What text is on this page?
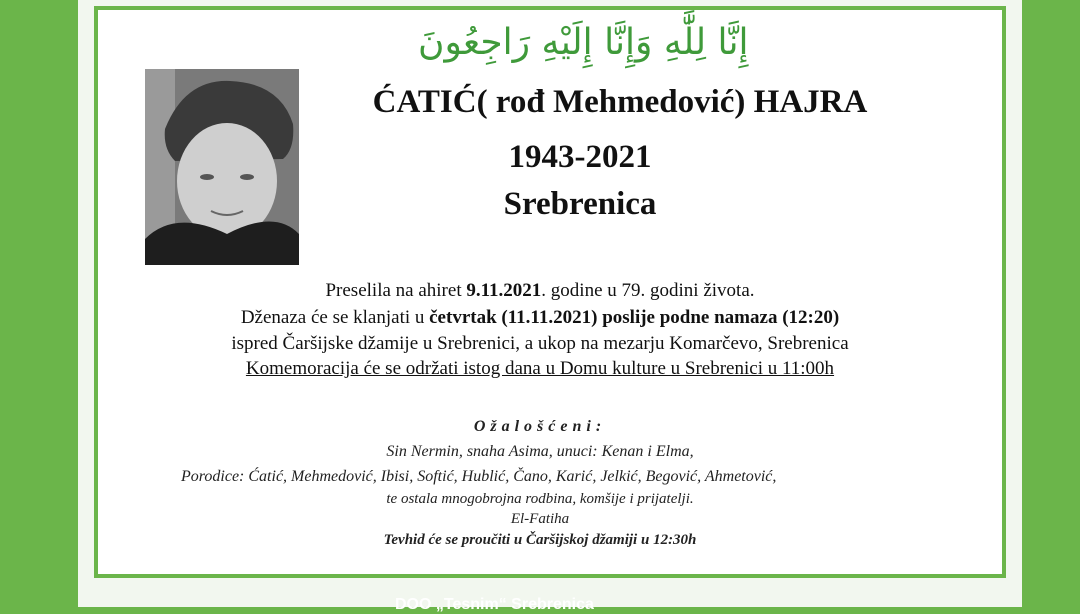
إِنَّا لِلَّٰهِ وَإِنَّا إِلَيْهِ رَاجِعُونَ
ĆATIĆ( rođ Mehmedović) HAJRA
1943-2021
Srebrenica
Preselila na ahiret 9.11.2021. godine u 79. godini života.
Dženaza će se klanjati u četvrtak (11.11.2021) poslije podne namaza (12:20)
ispred Čaršijske džamije u Srebrenici, a ukop na mezarju Komarčevo, Srebrenica
Komemoracija će se održati istog dana u Domu kulture u Srebrenici u 11:00h
Ožalošćeni:
Sin Nermin, snaha Asima, unuci: Kenan i Elma,
Porodice: Ćatić, Mehmedović, Ibisi, Softić, Hublić, Čano, Karić, Jelkić, Begović, Ahmetović,
te ostala mnogobrojna rodbina, komšije i prijatelji.
El-Fatiha
Tevhid će se proučiti u Čaršijskoj džamiji u 12:30h
DOO „Tesnim“ Srebrenica
